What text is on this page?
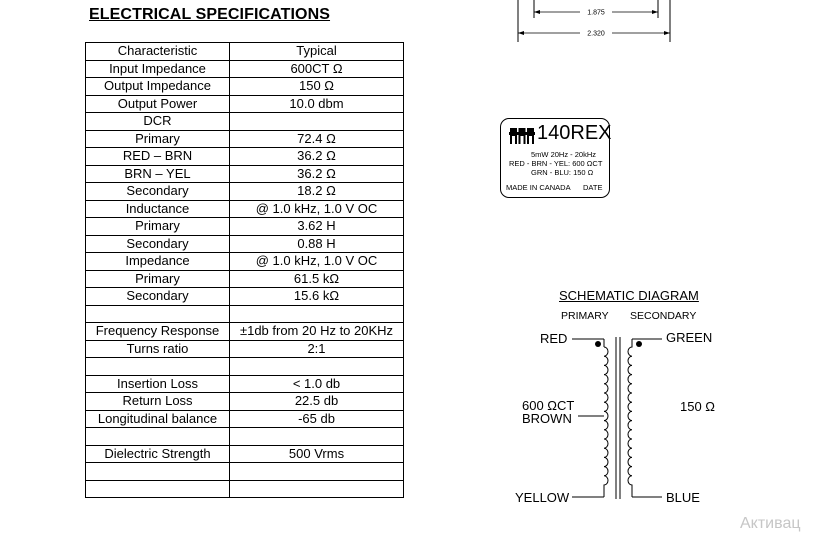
ELECTRICAL SPECIFICATIONS
Characteristic	Typical
Input Impedance	600CT Ω
Output Impedance	150 Ω
Output Power	10.0 dbm
DCR	
Primary	72.4 Ω
RED – BRN	36.2 Ω
BRN – YEL	36.2 Ω
Secondary	18.2 Ω
Inductance	@ 1.0 kHz, 1.0 V OC
Primary	3.62 H
Secondary	0.88 H
Impedance	@ 1.0 kHz, 1.0 V OC
Primary	61.5 kΩ
Secondary	15.6 kΩ

Frequency Response	±1db from 20 Hz to 20KHz
Turns ratio	2:1

Insertion Loss	< 1.0 db
Return Loss	22.5 db
Longitudinal balance	-65 db

Dielectric Strength	500 Vrms

1.875
2.320
140REX
5mW 20Hz - 20kHz
RED - BRN - YEL: 600 ΩCT
GRN - BLU: 150 Ω
MADE IN CANADA DATE
SCHEMATIC DIAGRAM
PRIMARY SECONDARY
RED	GREEN
600 ΩCT
BROWN
150 Ω
YELLOW	BLUE
Активац
